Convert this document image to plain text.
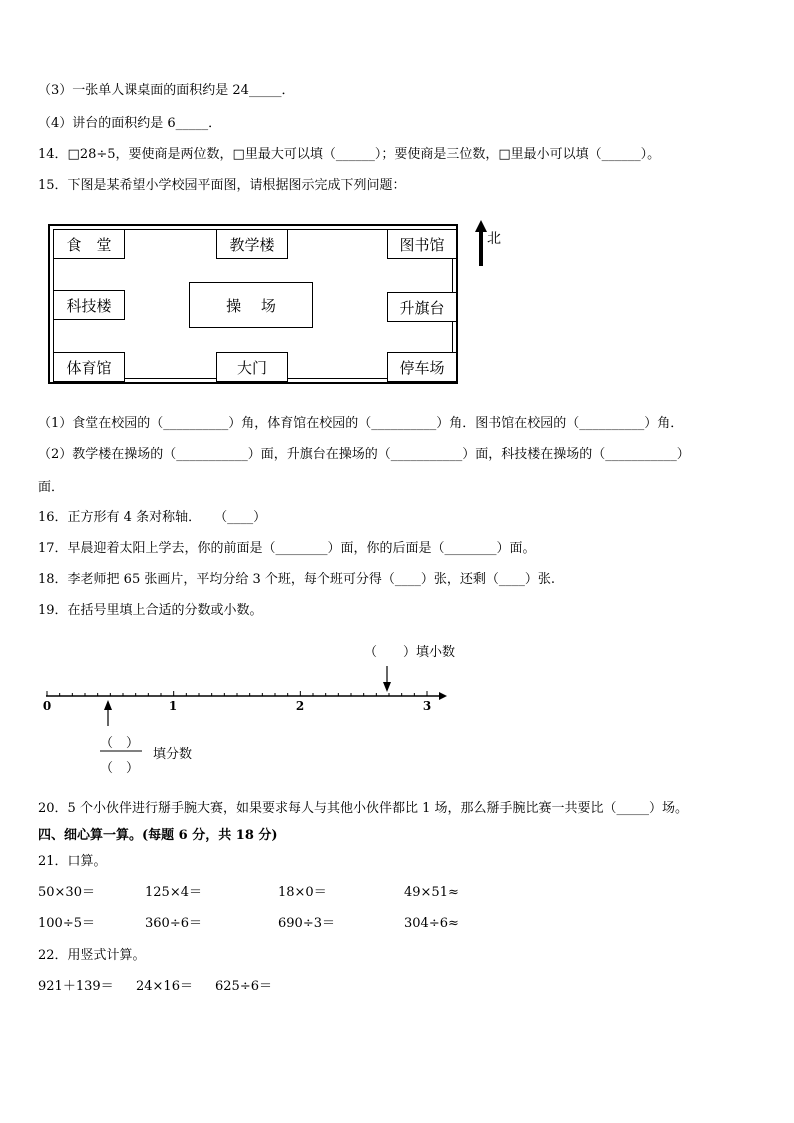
（3）一张单人课桌面的面积约是 24_____．
（4）讲台的面积约是 6_____．
14．□28÷5，要使商是两位数，□里最大可以填（______）；要使商是三位数，□里最小可以填（______）。
15．下图是某希望小学校园平面图，请根据图示完成下列问题：
食　堂	教学楼	图书馆
科技楼	操　 场	升旗台
体育馆	大门	停车场
北
（1）食堂在校园的（__________）角，体育馆在校园的（__________）角．图书馆在校园的（__________）角．
（2）教学楼在操场的（___________）面，升旗台在操场的（___________）面，科技楼在操场的（___________）
面．
16．正方形有 4 条对称轴．　　（____）
17．早晨迎着太阳上学去，你的前面是（________）面，你的后面是（________）面。
18．李老师把 65 张画片，平均分给 3 个班，每个班可分得（____）张，还剩（____）张.
19．在括号里填上合适的分数或小数。
0	1	2	3
（　　）填小数
（　）
（　）
填分数
20．5 个小伙伴进行掰手腕大赛，如果要求每人与其他小伙伴都比 1 场，那么掰手腕比赛一共要比（_____）场。
四、细心算一算。(每题 6 分，共 18 分)
21．口算。
50×30＝	125×4＝	18×0＝	49×51≈
100÷5＝	360÷6＝	690÷3＝	304÷6≈
22．用竖式计算。
921＋139＝ 24×16＝ 625÷6＝
